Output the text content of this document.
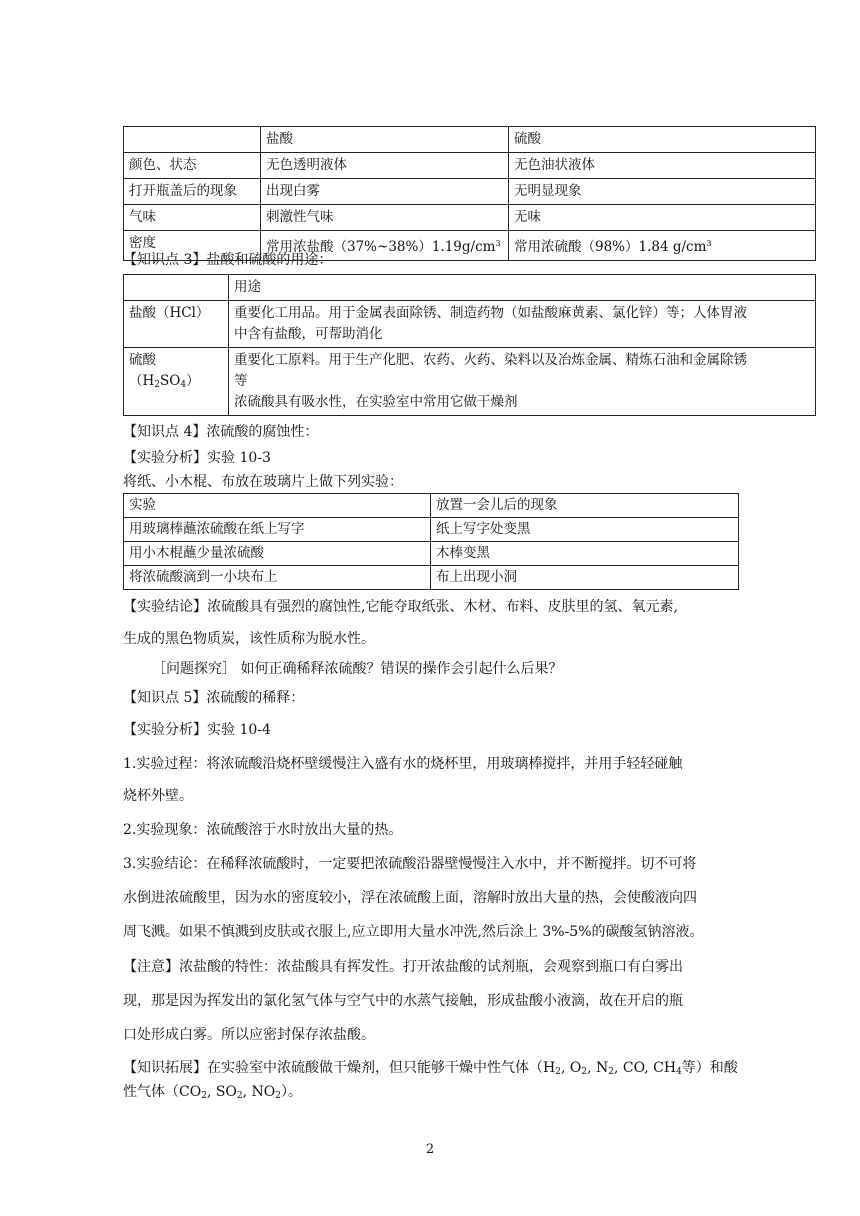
	盐酸	硫酸
颜色、状态	无色透明液体	无色油状液体
打开瓶盖后的现象	出现白雾	无明显现象
气味	刺激性气味	无味
密度	常用浓盐酸$(37\%\sim 38\%)1.19g/cm^3$	常用浓硫酸（98%）1.84 $g/cm^3$
【知识点 3】盐酸和硫酸的用途：
	用途
盐酸（HCl）	重要化工用品。用于金属表面除锈、制造药物（如盐酸麻黄素、氯化锌）等；人体胃液
中含有盐酸，可帮助消化

硫酸$(H_2SO_4)$	重要化工原料。用于生产化肥、农药、火药、染料以及冶炼金属、精炼石油和金属除锈
等
浓硫酸具有吸水性，在实验室中常用它做干燥剂
【知识点 4】浓硫酸的腐蚀性：
【实验分析】实验 10-3
将纸、小木棍、布放在玻璃片上做下列实验：
实验	放置一会儿后的现象
用玻璃棒蘸浓硫酸在纸上写字	纸上写字处变黑
用小木棍蘸少量浓硫酸	木棒变黑
将浓硫酸滴到一小块布上	布上出现小洞
【实验结论】浓硫酸具有强烈的腐蚀性,它能夺取纸张、木材、布料、皮肤里的氢、氧元素,
生成的黑色物质炭，该性质称为脱水性。
［问题探究］ 如何正确稀释浓硫酸？错误的操作会引起什么后果？
【知识点 5】浓硫酸的稀释：
【实验分析】实验 10-4
1.实验过程：将浓硫酸沿烧杯壁缓慢注入盛有水的烧杯里，用玻璃棒搅拌，并用手轻轻碰触
烧杯外壁。
2.实验现象：浓硫酸溶于水时放出大量的热。
3.实验结论：在稀释浓硫酸时，一定要把浓硫酸沿器壁慢慢注入水中，并不断搅拌。切不可将
水倒进浓硫酸里，因为水的密度较小，浮在浓硫酸上面，溶解时放出大量的热，会使酸液向四
周飞溅。如果不慎溅到皮肤或衣服上,应立即用大量水冲洗,然后涂上 3%-5%的碳酸氢钠溶液。
【注意】浓盐酸的特性：浓盐酸具有挥发性。打开浓盐酸的试剂瓶，会观察到瓶口有白雾出
现，那是因为挥发出的氯化氢气体与空气中的水蒸气接触，形成盐酸小液滴，故在开启的瓶
口处形成白雾。所以应密封保存浓盐酸。
【知识拓展】在实验室中浓硫酸做干燥剂，但只能够干燥中性气体（$H_2$, $O_2$, $N_2$, CO, $CH_4$等）和酸
性气体（$CO_2$, $SO_2$, $NO_2$）。
2
